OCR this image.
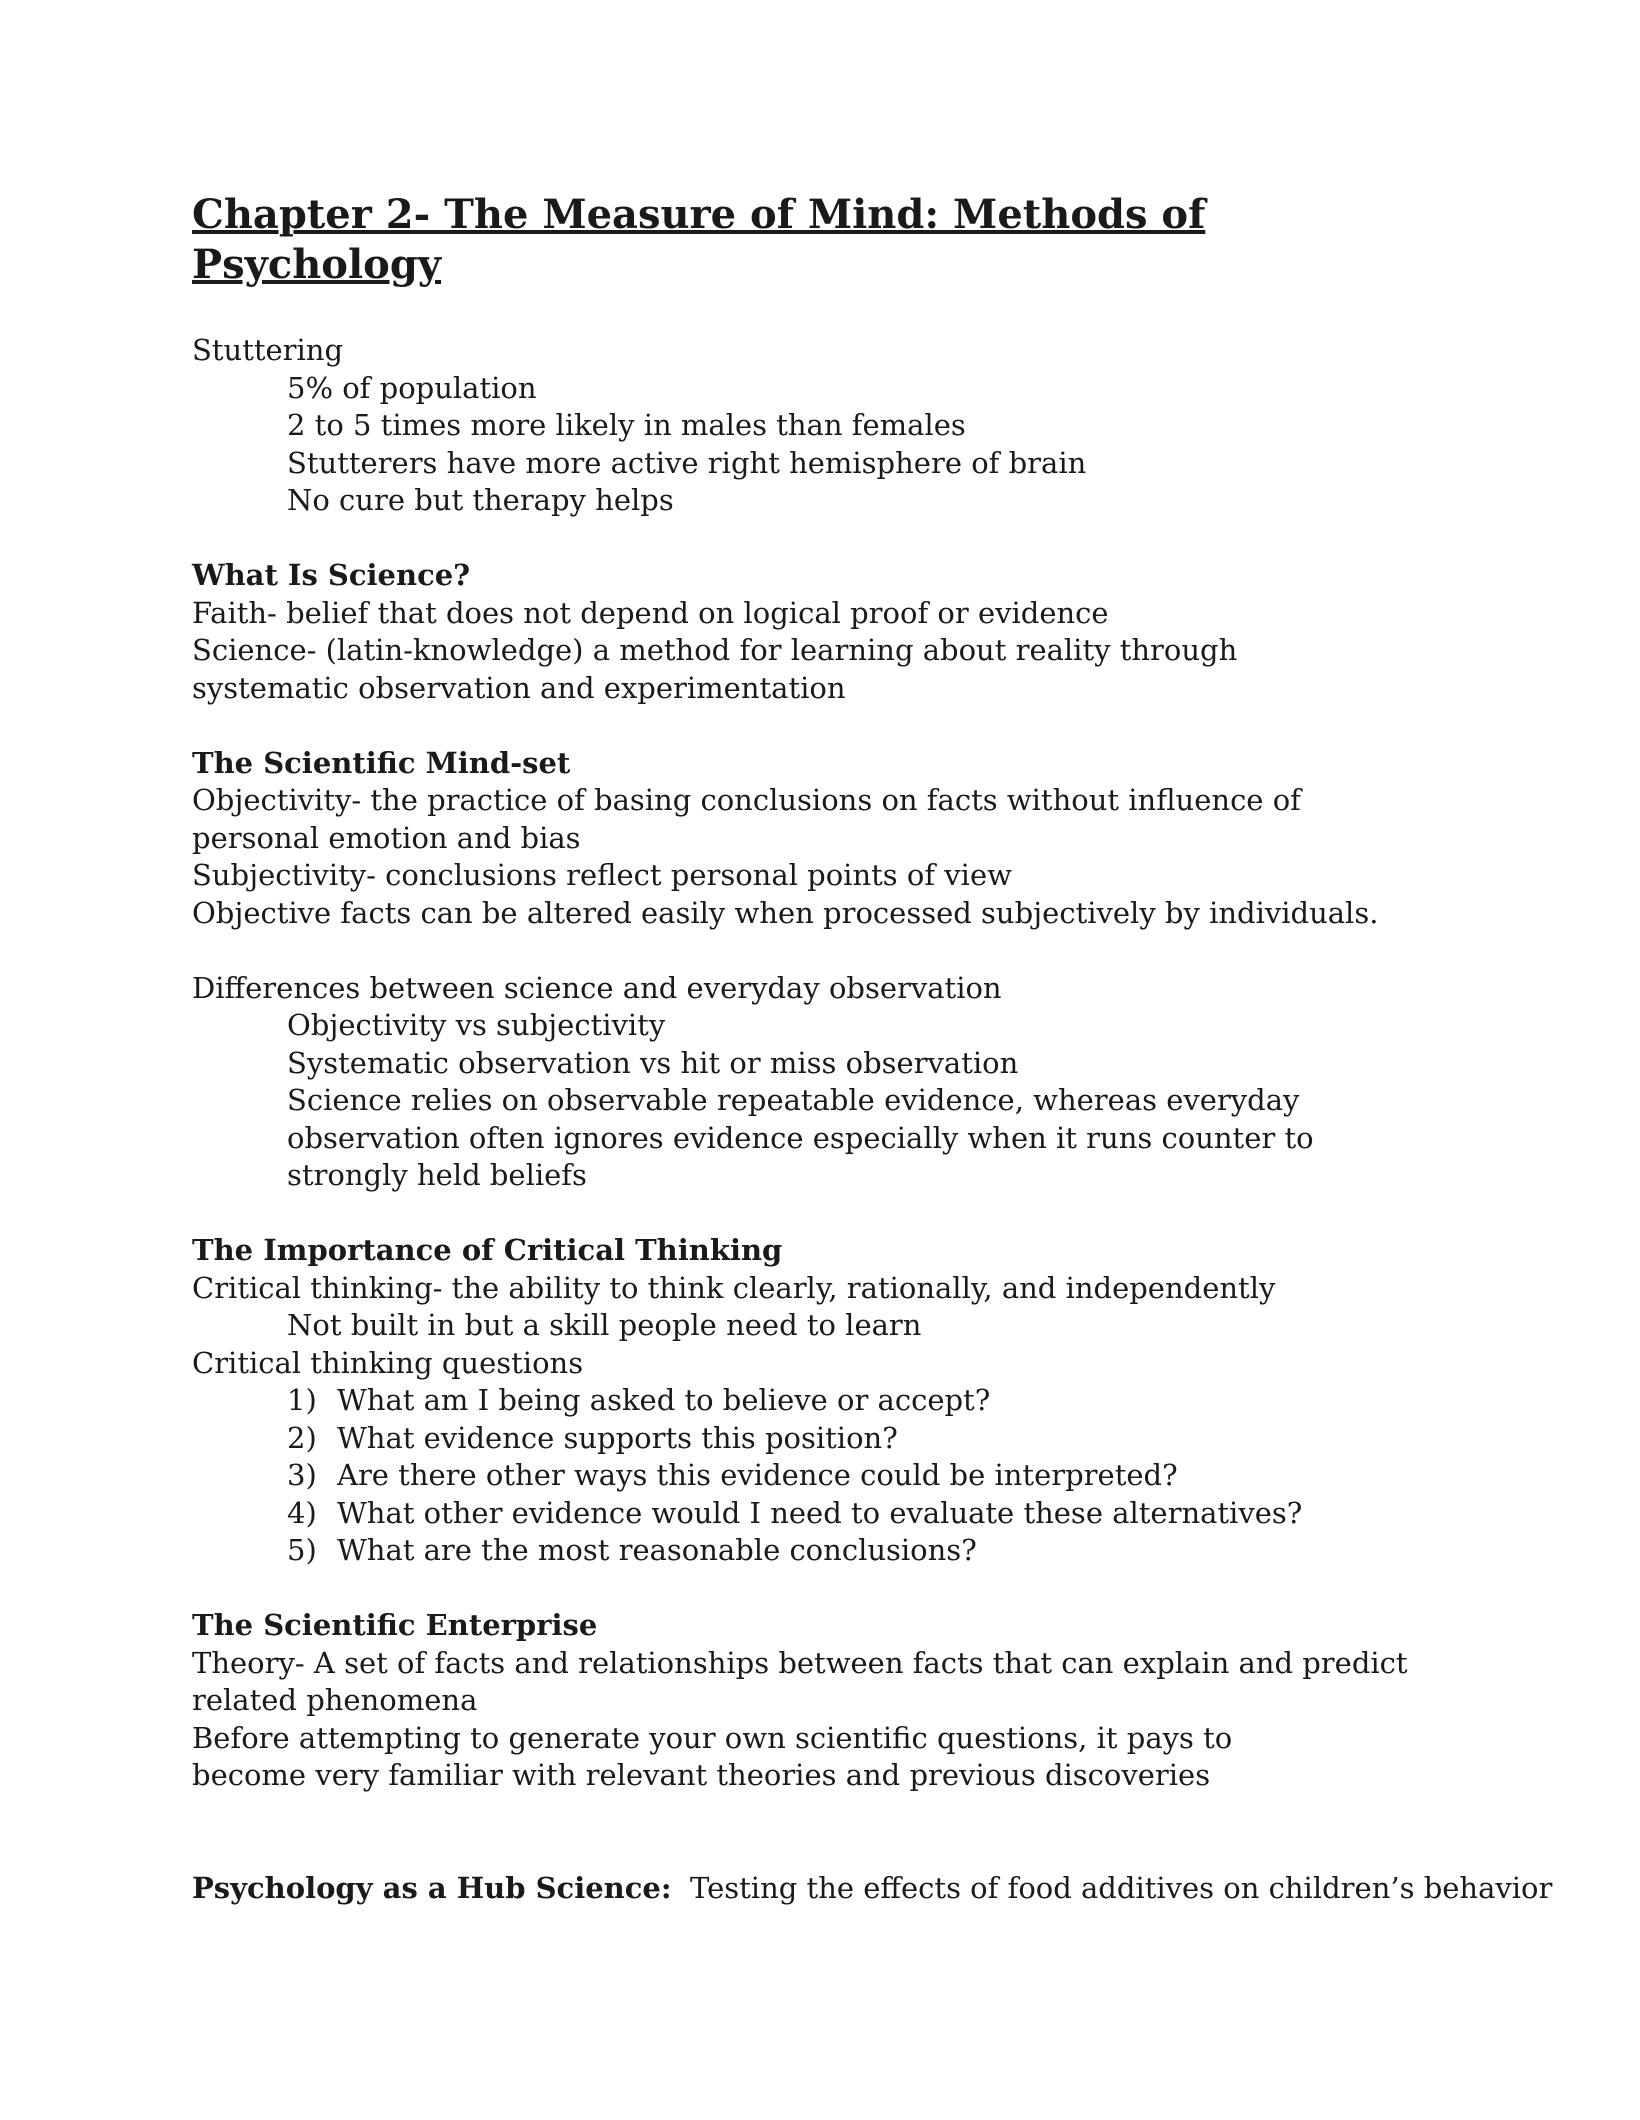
Chapter 2- The Measure of Mind: Methods of Psychology
Stuttering
5% of population
2 to 5 times more likely in males than females
Stutterers have more active right hemisphere of brain
No cure but therapy helps
What Is Science?
Faith- belief that does not depend on logical proof or evidence
Science- (latin-knowledge) a method for learning about reality through systematic observation and experimentation
The Scientific Mind-set
Objectivity- the practice of basing conclusions on facts without influence of personal emotion and bias
Subjectivity- conclusions reflect personal points of view
Objective facts can be altered easily when processed subjectively by individuals.
Differences between science and everyday observation
Objectivity vs subjectivity
Systematic observation vs hit or miss observation
Science relies on observable repeatable evidence, whereas everyday observation often ignores evidence especially when it runs counter to strongly held beliefs
The Importance of Critical Thinking
Critical thinking- the ability to think clearly, rationally, and independently
Not built in but a skill people need to learn
Critical thinking questions
1) What am I being asked to believe or accept?
2) What evidence supports this position?
3) Are there other ways this evidence could be interpreted?
4) What other evidence would I need to evaluate these alternatives?
5) What are the most reasonable conclusions?
The Scientific Enterprise
Theory- A set of facts and relationships between facts that can explain and predict related phenomena
Before attempting to generate your own scientific questions, it pays to become very familiar with relevant theories and previous discoveries
Psychology as a Hub Science: Testing the effects of food additives on children’s behavior
